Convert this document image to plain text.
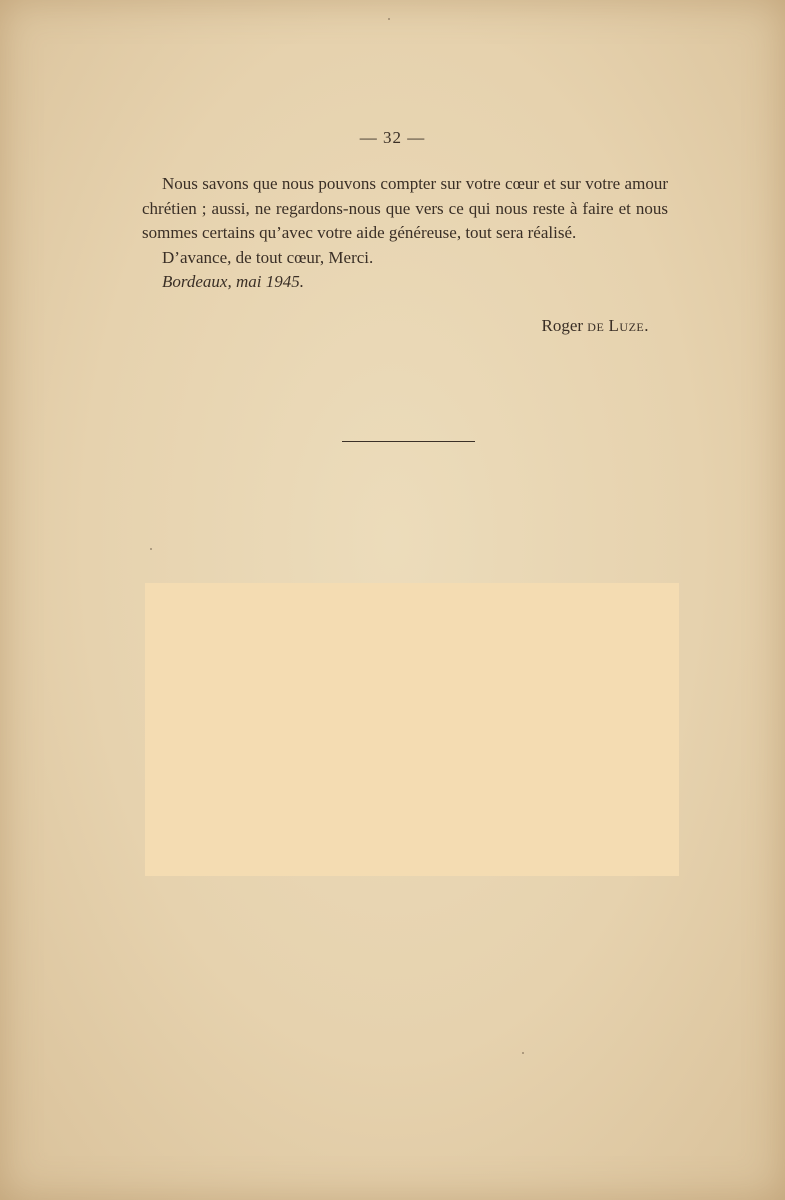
— 32 —

Nous savons que nous pouvons compter sur votre cœur et sur votre amour chrétien ; aussi, ne regardons-nous que vers ce qui nous reste à faire et nous sommes certains qu’avec votre aide généreuse, tout sera réalisé.

D’avance, de tout cœur, Merci.

Bordeaux, mai 1945.

Roger de Luze.
